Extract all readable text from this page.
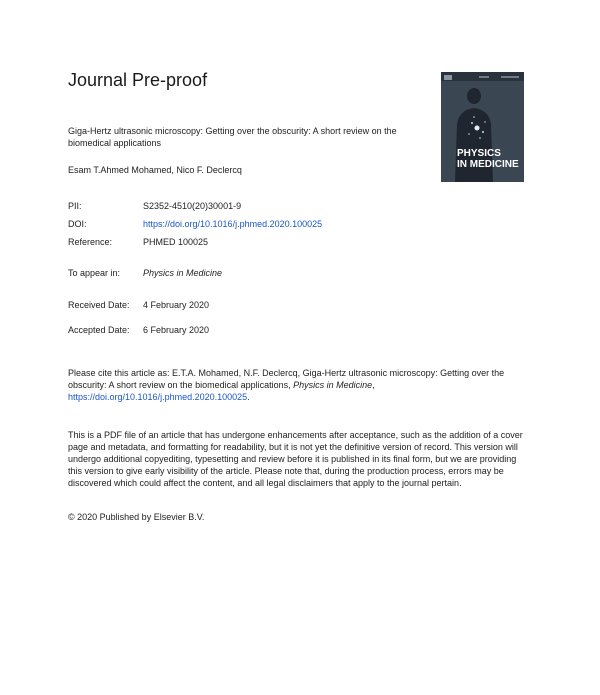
Journal Pre-proof
PHYSICS
IN MEDICINE
Giga-Hertz ultrasonic microscopy: Getting over the obscurity: A short review on the biomedical applications
Esam T.Ahmed Mohamed, Nico F. Declercq
PII:	S2352-4510(20)30001-9
DOI:	https://doi.org/10.1016/j.phmed.2020.100025
Reference:	PHMED 100025
To appear in:	Physics in Medicine
Received Date: 4 February 2020
Accepted Date: 6 February 2020
Please cite this article as: E.T.A. Mohamed, N.F. Declercq, Giga-Hertz ultrasonic microscopy: Getting over the obscurity: A short review on the biomedical applications, Physics in Medicine, https://doi.org/10.1016/j.phmed.2020.100025.
This is a PDF file of an article that has undergone enhancements after acceptance, such as the addition of a cover page and metadata, and formatting for readability, but it is not yet the definitive version of record. This version will undergo additional copyediting, typesetting and review before it is published in its final form, but we are providing this version to give early visibility of the article. Please note that, during the production process, errors may be discovered which could affect the content, and all legal disclaimers that apply to the journal pertain.
© 2020 Published by Elsevier B.V.
